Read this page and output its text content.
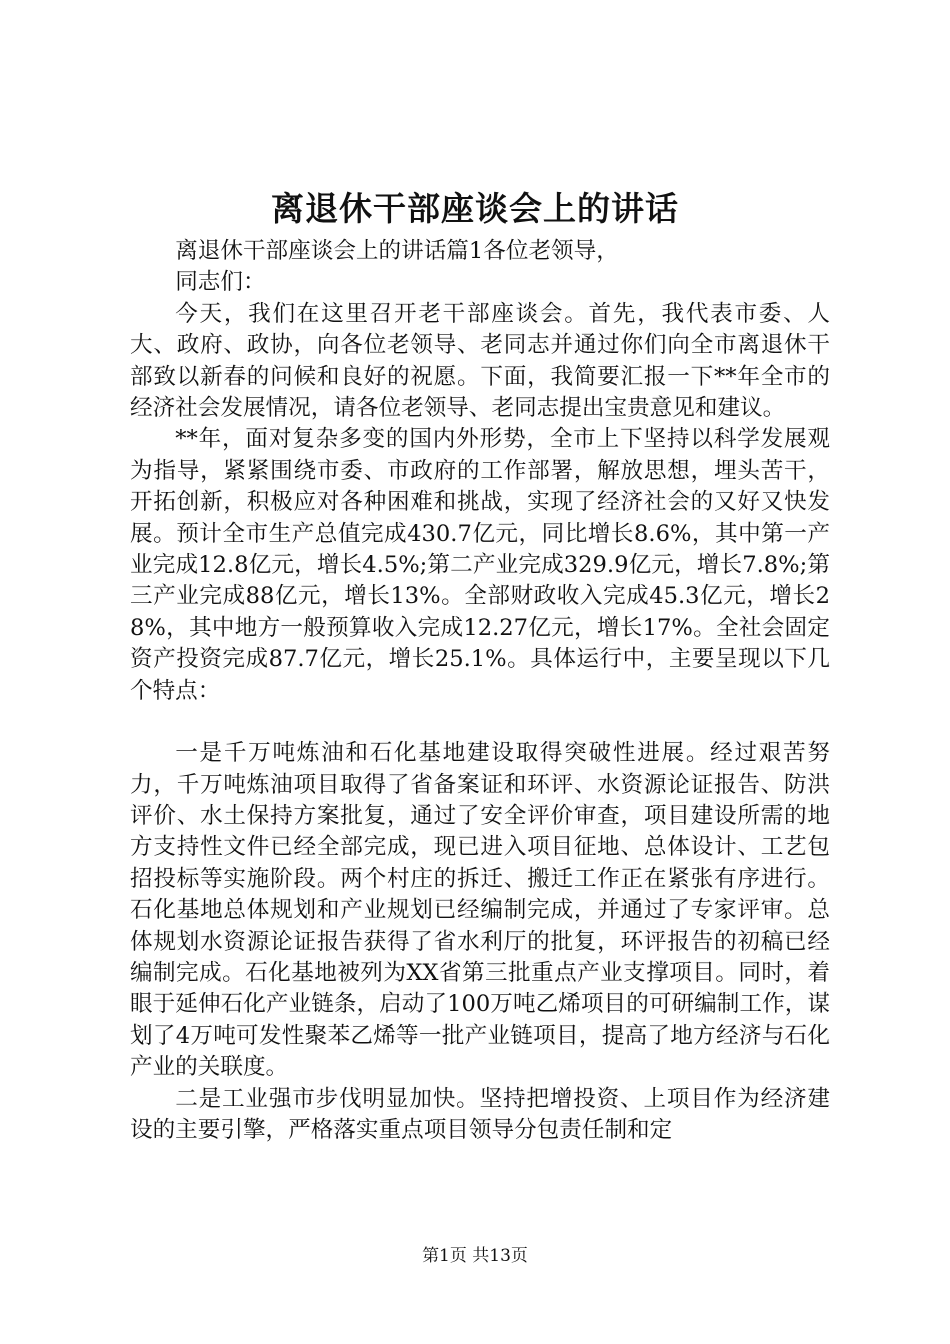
离退休干部座谈会上的讲话

离退休干部座谈会上的讲话篇1各位老领导，

同志们：

今天，我们在这里召开老干部座谈会。首先，我代表市委、人大、政府、政协，向各位老领导、老同志并通过你们向全市离退休干部致以新春的问候和良好的祝愿。下面，我简要汇报一下**年全市的经济社会发展情况，请各位老领导、老同志提出宝贵意见和建议。

**年，面对复杂多变的国内外形势，全市上下坚持以科学发展观为指导，紧紧围绕市委、市政府的工作部署，解放思想，埋头苦干，开拓创新，积极应对各种困难和挑战，实现了经济社会的又好又快发展。预计全市生产总值完成430.7亿元，同比增长8.6%，其中第一产业完成12.8亿元，增长4.5%;第二产业完成329.9亿元，增长7.8%;第三产业完成88亿元，增长13%。全部财政收入完成45.3亿元，增长28%，其中地方一般预算收入完成12.27亿元，增长17%。全社会固定资产投资完成87.7亿元，增长25.1%。具体运行中，主要呈现以下几个特点：

一是千万吨炼油和石化基地建设取得突破性进展。经过艰苦努力，千万吨炼油项目取得了省备案证和环评、水资源论证报告、防洪评价、水土保持方案批复，通过了安全评价审查，项目建设所需的地方支持性文件已经全部完成，现已进入项目征地、总体设计、工艺包招投标等实施阶段。两个村庄的拆迁、搬迁工作正在紧张有序进行。石化基地总体规划和产业规划已经编制完成，并通过了专家评审。总体规划水资源论证报告获得了省水利厅的批复，环评报告的初稿已经编制完成。石化基地被列为XX省第三批重点产业支撑项目。同时，着眼于延伸石化产业链条，启动了100万吨乙烯项目的可研编制工作，谋划了4万吨可发性聚苯乙烯等一批产业链项目，提高了地方经济与石化产业的关联度。

二是工业强市步伐明显加快。坚持把增投资、上项目作为经济建设的主要引擎，严格落实重点项目领导分包责任制和定

第1页 共13页
